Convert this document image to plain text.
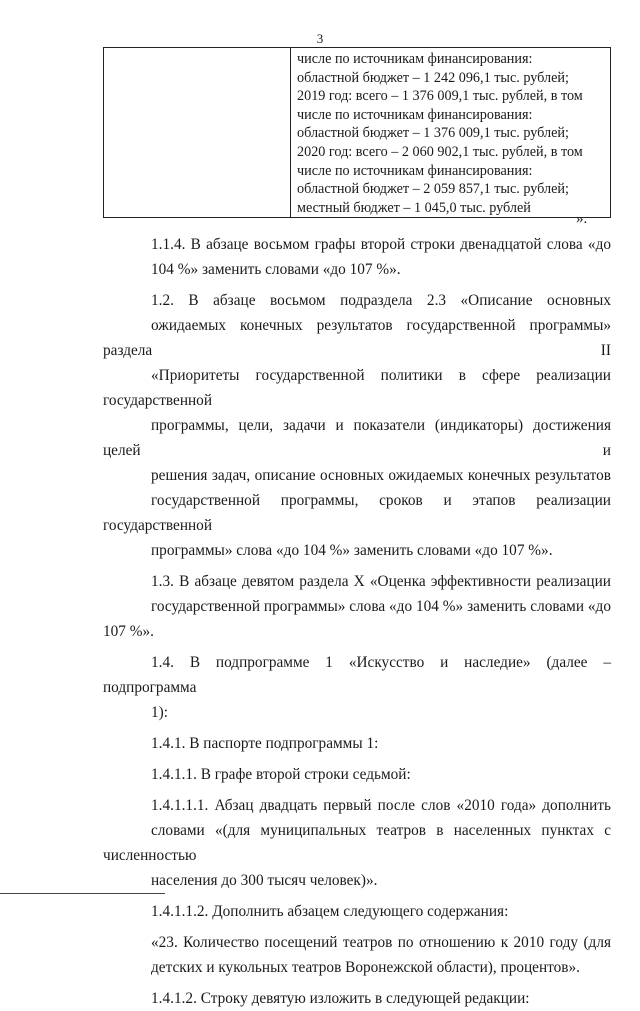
3

числе по источникам финансирования:
областной бюджет – 1 242 096,1 тыс. рублей;
2019 год: всего – 1 376 009,1 тыс. рублей, в том
числе по источникам финансирования:
областной бюджет – 1 376 009,1 тыс. рублей;
2020 год: всего – 2 060 902,1 тыс. рублей, в том
числе по источникам финансирования:
областной бюджет – 2 059 857,1 тыс. рублей;
местный бюджет – 1 045,0 тыс. рублей
».
1.1.4. В абзаце восьмом графы второй строки двенадцатой слова «до
104 %» заменить словами «до 107 %».
1.2. В абзаце восьмом подраздела 2.3 «Описание основных
ожидаемых конечных результатов государственной программы» раздела II
«Приоритеты государственной политики в сфере реализации государственной
программы, цели, задачи и показатели (индикаторы) достижения целей и
решения задач, описание основных ожидаемых конечных результатов
государственной программы, сроков и этапов реализации государственной
программы» слова «до 104 %» заменить словами «до 107 %».
1.3. В абзаце девятом раздела X «Оценка эффективности реализации
государственной программы» слова «до 104 %» заменить словами «до 107 %».
1.4. В подпрограмме 1 «Искусство и наследие» (далее – подпрограмма
1):
1.4.1. В паспорте подпрограммы 1:
1.4.1.1. В графе второй строки седьмой:
1.4.1.1.1. Абзац двадцать первый после слов «2010 года» дополнить
словами «(для муниципальных театров в населенных пунктах с численностью
населения до 300 тысяч человек)».
1.4.1.1.2. Дополнить абзацем следующего содержания:
«23. Количество посещений театров по отношению к 2010 году (для
детских и кукольных театров Воронежской области), процентов».
1.4.1.2. Строку девятую изложить в следующей редакции:
